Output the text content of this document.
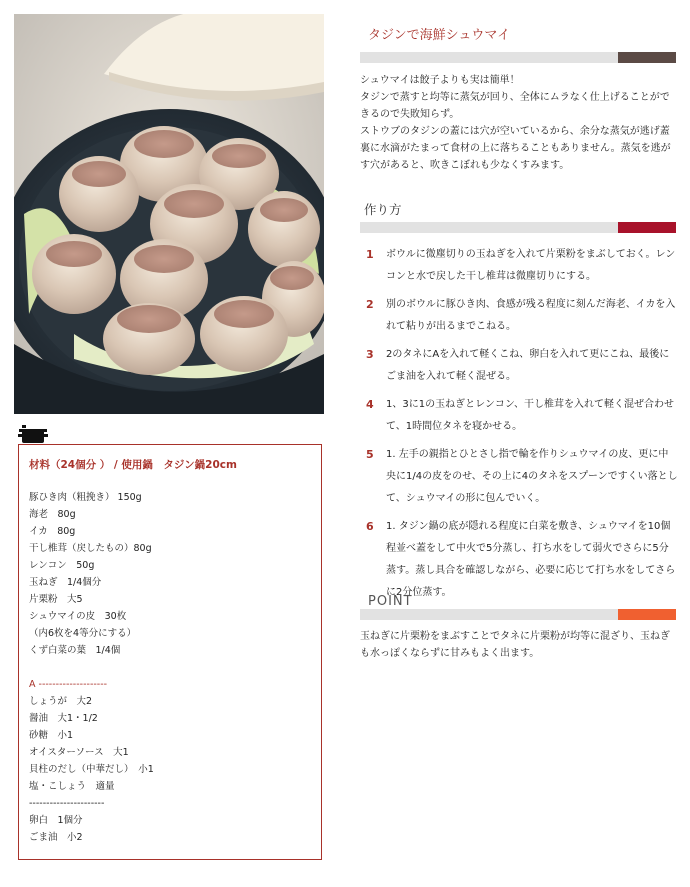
材料（24個分 ） / 使用鍋　タジン鍋20cm
豚ひき肉（粗挽き） 150g
海老　80g
イカ　80g
干し椎茸（戻したもの）80g
レンコン　50g
玉ねぎ　1/4個分
片栗粉　大5
シュウマイの皮　30枚
（内6枚を4等分にする）
くず白菜の葉　1/4個
A --------------------
しょうが　大2
醤油　大1・1/2
砂糖　小1
オイスターソース　大1
貝柱のだし（中華だし）　小1
塩・こしょう　適量
----------------------
卵白　1個分
ごま油　小2
タジンで海鮮シュウマイ

シュウマイは餃子よりも実は簡単！

タジンで蒸すと均等に蒸気が回り、全体にムラなく仕上げることができるので失敗知らず。

ストウブのタジンの蓋には穴が空いているから、余分な蒸気が逃げ蓋裏に水滴がたまって食材の上に落ちることもありません。蒸気を逃がす穴があると、吹きこぼれも少なくすみます。

作り方
1	ボウルに微塵切りの玉ねぎを入れて片栗粉をまぶしておく。レンコンと水で戻した干し椎茸は微塵切りにする。
2	別のボウルに豚ひき肉、食感が残る程度に刻んだ海老、イカを入れて粘りが出るまでこねる。
3	2のタネにAを入れて軽くこね、卵白を入れて更にこね、最後にごま油を入れて軽く混ぜる。
4	1、3に1の玉ねぎとレンコン、干し椎茸を入れて軽く混ぜ合わせて、1時間位タネを寝かせる。
5	1. 左手の親指とひとさし指で輪を作りシュウマイの皮、更に中央に1/4の皮をのせ、その上に4のタネをスプーンですくい落として、シュウマイの形に包んでいく。
6	1. タジン鍋の底が隠れる程度に白菜を敷き、シュウマイを10個程並べ蓋をして中火で5分蒸し、打ち水をして弱火でさらに5分蒸す。蒸し具合を確認しながら、必要に応じて打ち水をしてさらに2分位蒸す。
POINT

玉ねぎに片栗粉をまぶすことでタネに片栗粉が均等に混ざり、玉ねぎも水っぽくならずに甘みもよく出ます。
